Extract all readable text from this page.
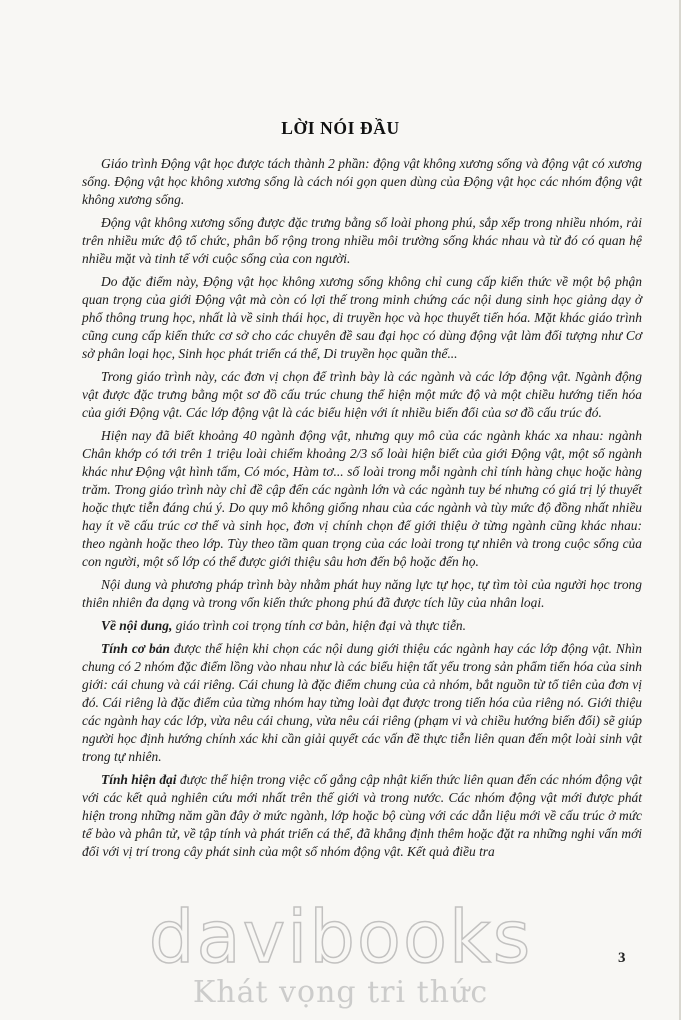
LỜI NÓI ĐẦU

Giáo trình Động vật học được tách thành 2 phần: động vật không xương sống và động vật có xương sống. Động vật học không xương sống là cách nói gọn quen dùng của Động vật học các nhóm động vật không xương sống.

Động vật không xương sống được đặc trưng bằng số loài phong phú, sắp xếp trong nhiều nhóm, rải trên nhiều mức độ tổ chức, phân bố rộng trong nhiều môi trường sống khác nhau và từ đó có quan hệ nhiều mặt và tinh tế với cuộc sống của con người.

Do đặc điểm này, Động vật học không xương sống không chỉ cung cấp kiến thức về một bộ phận quan trọng của giới Động vật mà còn có lợi thế trong minh chứng các nội dung sinh học giảng dạy ở phổ thông trung học, nhất là về sinh thái học, di truyền học và học thuyết tiến hóa. Mặt khác giáo trình cũng cung cấp kiến thức cơ sở cho các chuyên đề sau đại học có dùng động vật làm đối tượng như Cơ sở phân loại học, Sinh học phát triển cá thể, Di truyền học quần thể...

Trong giáo trình này, các đơn vị chọn để trình bày là các ngành và các lớp động vật. Ngành động vật được đặc trưng bằng một sơ đồ cấu trúc chung thể hiện một mức độ và một chiều hướng tiến hóa của giới Động vật. Các lớp động vật là các biểu hiện với ít nhiều biến đổi của sơ đồ cấu trúc đó.

Hiện nay đã biết khoảng 40 ngành động vật, nhưng quy mô của các ngành khác xa nhau: ngành Chân khớp có tới trên 1 triệu loài chiếm khoảng 2/3 số loài hiện biết của giới Động vật, một số ngành khác như Động vật hình tấm, Có móc, Hàm tơ... số loài trong mỗi ngành chỉ tính hàng chục hoặc hàng trăm. Trong giáo trình này chỉ đề cập đến các ngành lớn và các ngành tuy bé nhưng có giá trị lý thuyết hoặc thực tiễn đáng chú ý. Do quy mô không giống nhau của các ngành và tùy mức độ đồng nhất nhiều hay ít về cấu trúc cơ thể và sinh học, đơn vị chính chọn để giới thiệu ở từng ngành cũng khác nhau: theo ngành hoặc theo lớp. Tùy theo tầm quan trọng của các loài trong tự nhiên và trong cuộc sống của con người, một số lớp có thể được giới thiệu sâu hơn đến bộ hoặc đến họ.

Nội dung và phương pháp trình bày nhằm phát huy năng lực tự học, tự tìm tòi của người học trong thiên nhiên đa dạng và trong vốn kiến thức phong phú đã được tích lũy của nhân loại.

Về nội dung, giáo trình coi trọng tính cơ bản, hiện đại và thực tiễn.

Tính cơ bản được thể hiện khi chọn các nội dung giới thiệu các ngành hay các lớp động vật. Nhìn chung có 2 nhóm đặc điểm lồng vào nhau như là các biểu hiện tất yếu trong sản phẩm tiến hóa của sinh giới: cái chung và cái riêng. Cái chung là đặc điểm chung của cả nhóm, bắt nguồn từ tổ tiên của đơn vị đó. Cái riêng là đặc điểm của từng nhóm hay từng loài đạt được trong tiến hóa của riêng nó. Giới thiệu các ngành hay các lớp, vừa nêu cái chung, vừa nêu cái riêng (phạm vi và chiều hướng biến đổi) sẽ giúp người học định hướng chính xác khi cần giải quyết các vấn đề thực tiễn liên quan đến một loài sinh vật trong tự nhiên.

Tính hiện đại được thể hiện trong việc cố gắng cập nhật kiến thức liên quan đến các nhóm động vật với các kết quả nghiên cứu mới nhất trên thế giới và trong nước. Các nhóm động vật mới được phát hiện trong những năm gần đây ở mức ngành, lớp hoặc bộ cùng với các dẫn liệu mới về cấu trúc ở mức tế bào và phân tử, về tập tính và phát triển cá thể, đã khẳng định thêm hoặc đặt ra những nghi vấn mới đối với vị trí trong cây phát sinh của một số nhóm động vật. Kết quả điều tra

davibooks
Khát vọng tri thức
3
